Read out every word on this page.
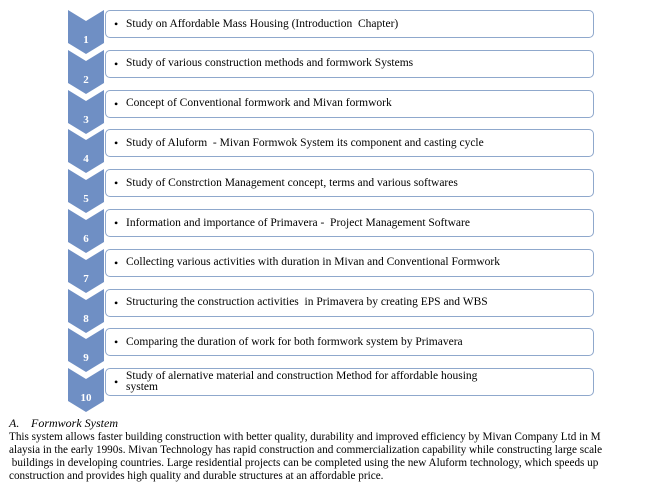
1
• Study on Affordable Mass Housing (Introduction  Chapter)
2
• Study of various construction methods and formwork Systems
3
• Concept of Conventional formwork and Mivan formwork
4
• Study of Aluform  - Mivan Formwok System its component and casting cycle
5
• Study of Constrction Management concept, terms and various softwares
6
• Information and importance of Primavera -  Project Management Software
7
• Collecting various activities with duration in Mivan and Conventional Formwork
8
• Structuring the construction activities  in Primavera by creating EPS and WBS
9
• Comparing the duration of work for both formwork system by Primavera
10
• Study of alernative material and construction Method for affordable housing
system
A. Formwork System
This system allows faster building construction with better quality, durability and improved efficiency by Mivan Company Ltd in M
alaysia in the early 1990s. Mivan Technology has rapid construction and commercialization capability while constructing large scale
buildings in developing countries. Large residential projects can be completed using the new Aluform technology, which speeds up
construction and provides high quality and durable structures at an affordable price.
